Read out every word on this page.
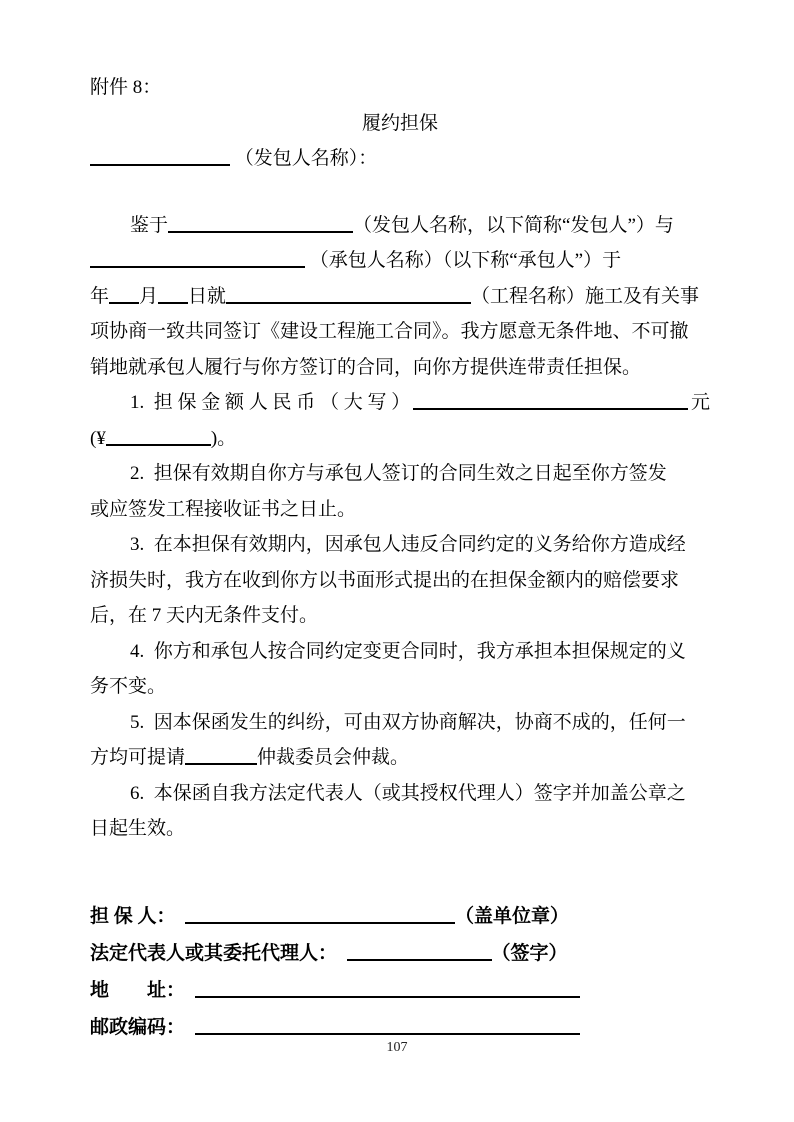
附件 8：

履约担保

（发包人名称）：

鉴于	（发包人名称，以下简称“发包人”）与

（承包人名称）（以下称“承包人”）于

年 月 日就	（工程名称）施工及有关事

项协商一致共同签订《建设工程施工合同》。我方愿意无条件地、不可撤

销地就承包人履行与你方签订的合同，向你方提供连带责任担保。

1.  担 保 金 额 人 民 币 （ 大 写 ）	元

(¥	)。

2.  担保有效期自你方与承包人签订的合同生效之日起至你方签发

或应签发工程接收证书之日止。

3.  在本担保有效期内，因承包人违反合同约定的义务给你方造成经

济损失时，我方在收到你方以书面形式提出的在担保金额内的赔偿要求

后，在 7 天内无条件支付。

4.  你方和承包人按合同约定变更合同时，我方承担本担保规定的义

务不变。

5.  因本保函发生的纠纷，可由双方协商解决，协商不成的，任何一

方均可提请	仲裁委员会仲裁。

6.  本保函自我方法定代表人（或其授权代理人）签字并加盖公章之

日起生效。

担 保 人：　	（盖单位章）

法定代表人或其委托代理人：　	（签字）

地　　址：　

邮政编码：　

107
